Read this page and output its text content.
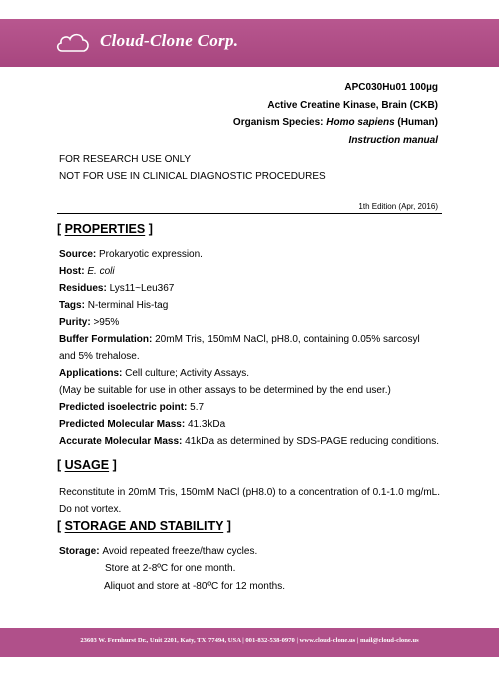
Cloud-Clone Corp.
APC030Hu01 100µg
Active Creatine Kinase, Brain (CKB)
Organism Species: Homo sapiens (Human)
Instruction manual
FOR RESEARCH USE ONLY
NOT FOR USE IN CLINICAL DIAGNOSTIC PROCEDURES
1th Edition (Apr, 2016)
[ PROPERTIES ]
Source: Prokaryotic expression.
Host: E. coli
Residues: Lys11~Leu367
Tags: N-terminal His-tag
Purity: >95%
Buffer Formulation: 20mM Tris, 150mM NaCl, pH8.0, containing 0.05% sarcosyl
and 5% trehalose.
Applications: Cell culture; Activity Assays.
(May be suitable for use in other assays to be determined by the end user.)
Predicted isoelectric point: 5.7
Predicted Molecular Mass: 41.3kDa
Accurate Molecular Mass: 41kDa as determined by SDS-PAGE reducing conditions.
[ USAGE ]
Reconstitute in 20mM Tris, 150mM NaCl (pH8.0) to a concentration of 0.1-1.0 mg/mL. Do not vortex.
[ STORAGE AND STABILITY ]
Storage: Avoid repeated freeze/thaw cycles.
Store at 2-8ºC for one month.
Aliquot and store at -80ºC for 12 months.
23603 W. Fernhurst Dr., Unit 2201, Katy, TX 77494, USA | 001-832-538-0970 | www.cloud-clone.us | mail@cloud-clone.us
